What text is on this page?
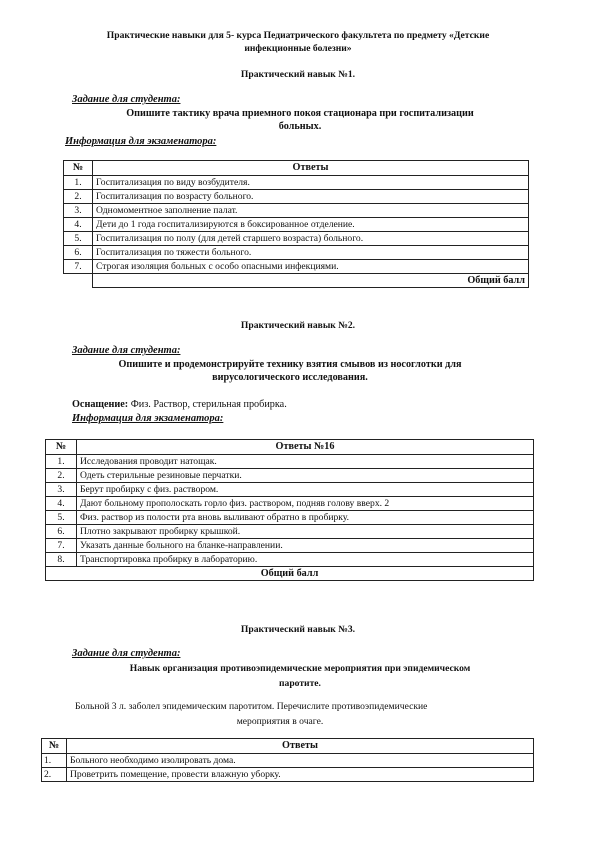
Практические навыки для 5- курса Педиатрического факультета по предмету «Детские
инфекционные болезни»
Практический навык №1.
Задание для студента:
Опишите тактику врача приемного покоя стационара при госпитализации
больных.
Информация для экзаменатора:
№	Ответы
1.	Госпитализация по виду возбудителя.
2.	Госпитализация по возрасту больного.
3.	Одномоментное заполнение палат.
4.	Дети до 1 года госпитализируются в боксированное отделение.
5.	Госпитализация по полу (для детей старшего возраста) больного.
6.	Госпитализация по тяжести больного.
7.	Строгая изоляция больных с особо опасными инфекциями.
	Общий балл
Практический навык №2.
Задание для студента:
Опишите и продемонстрируйте технику взятия смывов из носоглотки для
вирусологического исследования.
Оснащение: Физ. Раствор, стерильная пробирка.
Информация для экзаменатора:
№	Ответы №16
1.	Исследования проводит натощак.
2.	Одеть стерильные резиновые перчатки.
3.	Берут пробирку с физ. раствором.
4.	Дают больному прополоскать горло физ. раствором, подняв голову вверх. 2
5.	Физ. раствор из полости рта вновь выливают обратно в пробирку.
6.	Плотно закрывают пробирку крышкой.
7.	Указать данные больного на бланке-направлении.
8.	Транспортировка пробирку в лабораторию.
Общий балл	
Практический навык №3.
Задание для студента:
Навык организация противоэпидемические мероприятия при эпидемическом
паротите.
Больной 3 л. заболел эпидемическим паротитом. Перечислите противоэпидемические
мероприятия в очаге.
№	Ответы
1.	Больного необходимо изолировать дома.
2.	Проветрить помещение, провести влажную уборку.
